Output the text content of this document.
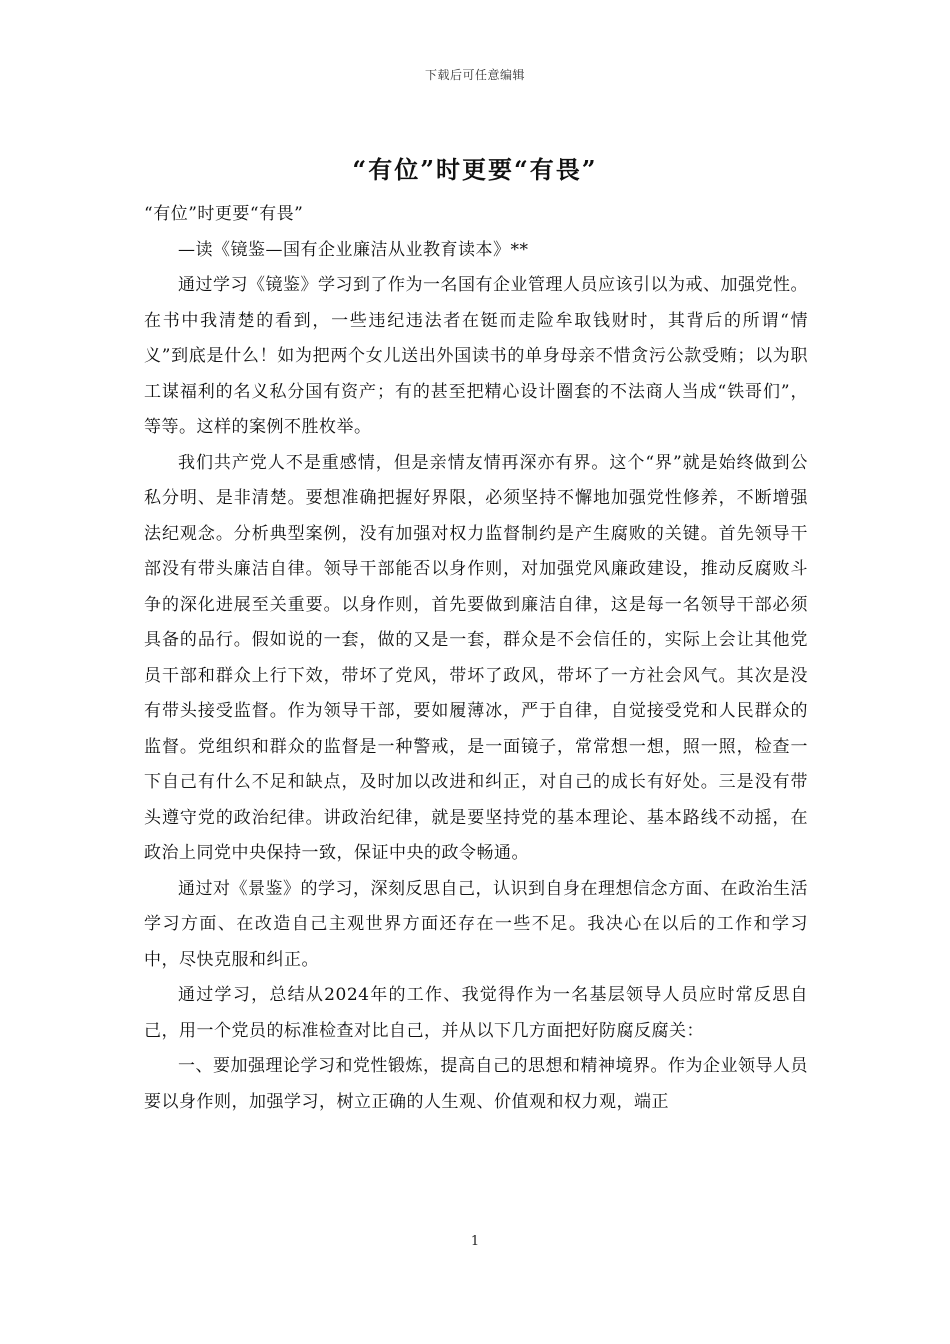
下载后可任意编辑
“有位”时更要“有畏”

“有位”时更要“有畏”

—读《镜鉴—国有企业廉洁从业教育读本》**

通过学习《镜鉴》学习到了作为一名国有企业管理人员应该引以为戒、加强党性。在书中我清楚的看到，一些违纪违法者在铤而走险牟取钱财时，其背后的所谓“情义”到底是什么！如为把两个女儿送出外国读书的单身母亲不惜贪污公款受贿；以为职工谋福利的名义私分国有资产；有的甚至把精心设计圈套的不法商人当成“铁哥们”，等等。这样的案例不胜枚举。

我们共产党人不是重感情，但是亲情友情再深亦有界。这个“界”就是始终做到公私分明、是非清楚。要想准确把握好界限，必须坚持不懈地加强党性修养，不断增强法纪观念。分析典型案例，没有加强对权力监督制约是产生腐败的关键。首先领导干部没有带头廉洁自律。领导干部能否以身作则，对加强党风廉政建设，推动反腐败斗争的深化进展至关重要。以身作则，首先要做到廉洁自律，这是每一名领导干部必须具备的品行。假如说的一套，做的又是一套，群众是不会信任的，实际上会让其他党员干部和群众上行下效，带坏了党风，带坏了政风，带坏了一方社会风气。其次是没有带头接受监督。作为领导干部，要如履薄冰，严于自律，自觉接受党和人民群众的监督。党组织和群众的监督是一种警戒，是一面镜子，常常想一想，照一照，检查一下自己有什么不足和缺点，及时加以改进和纠正，对自己的成长有好处。三是没有带头遵守党的政治纪律。讲政治纪律，就是要坚持党的基本理论、基本路线不动摇，在政治上同党中央保持一致，保证中央的政令畅通。

通过对《景鉴》的学习，深刻反思自己，认识到自身在理想信念方面、在政治生活学习方面、在改造自己主观世界方面还存在一些不足。我决心在以后的工作和学习中，尽快克服和纠正。

通过学习，总结从2024年的工作、我觉得作为一名基层领导人员应时常反思自己，用一个党员的标准检查对比自己，并从以下几方面把好防腐反腐关：

一、要加强理论学习和党性锻炼，提高自己的思想和精神境界。作为企业领导人员要以身作则，加强学习，树立正确的人生观、价值观和权力观，端正

1
